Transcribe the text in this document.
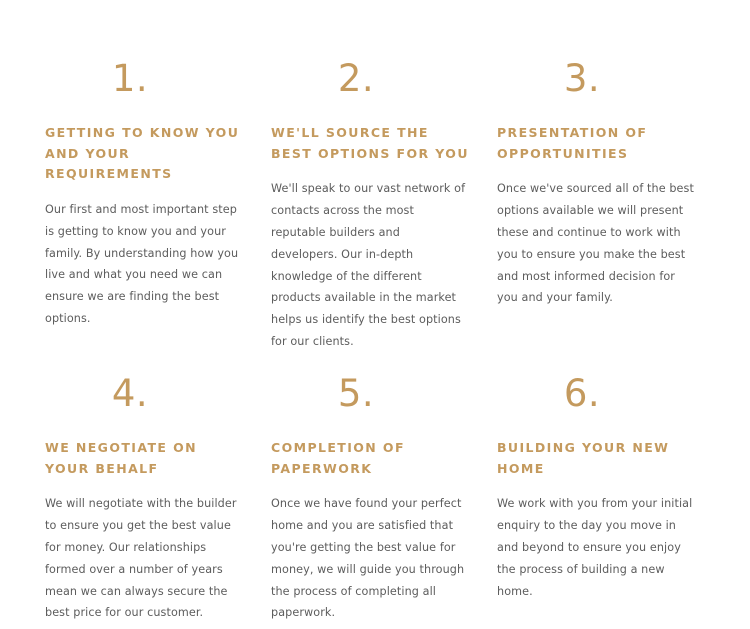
1.
GETTING TO KNOW YOU AND YOUR REQUIREMENTS

Our first and most important step is getting to know you and your family. By understanding how you live and what you need we can ensure we are finding the best options.

2.
WE'LL SOURCE THE BEST OPTIONS FOR YOU

We'll speak to our vast network of contacts across the most reputable builders and developers. Our in-depth knowledge of the different products available in the market helps us identify the best options for our clients.

3.
PRESENTATION OF OPPORTUNITIES

Once we've sourced all of the best options available we will present these and continue to work with you to ensure you make the best and most informed decision for you and your family.

4.
WE NEGOTIATE ON YOUR BEHALF

We will negotiate with the builder to ensure you get the best value for money. Our relationships formed over a number of years mean we can always secure the best price for our customer.

5.
COMPLETION OF PAPERWORK

Once we have found your perfect home and you are satisfied that you're getting the best value for money, we will guide you through the process of completing all paperwork.

6.
BUILDING YOUR NEW HOME

We work with you from your initial enquiry to the day you move in and beyond to ensure you enjoy the process of building a new home.
